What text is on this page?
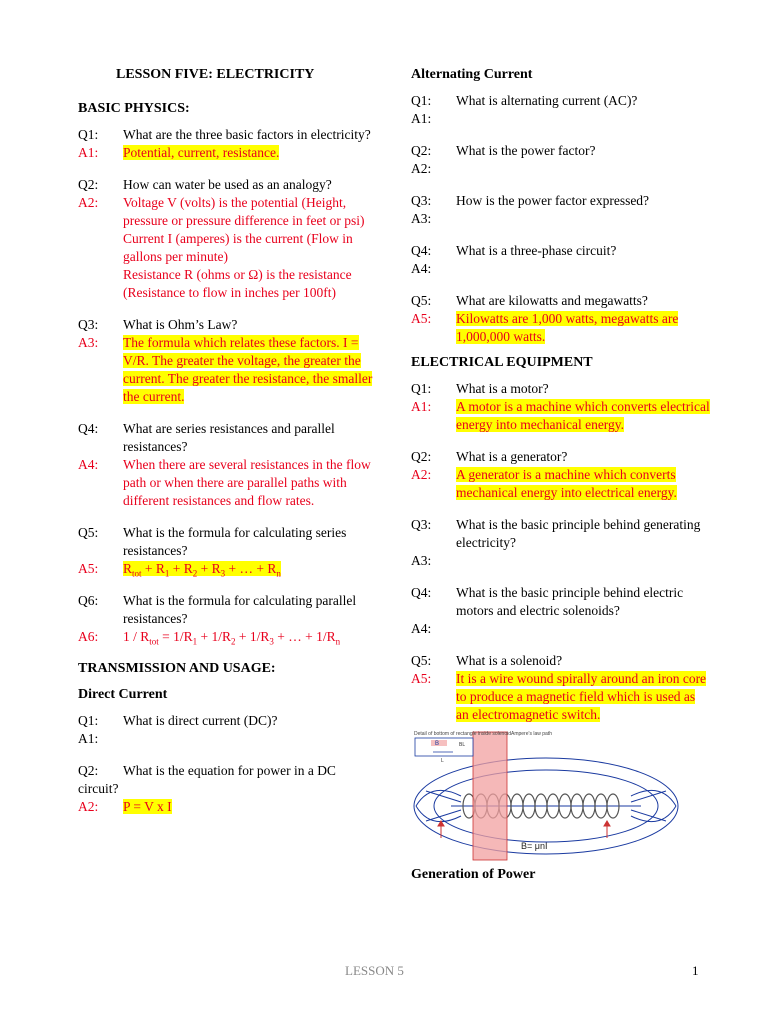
LESSON FIVE: ELECTRICITY
BASIC PHYSICS:
Q1:	What are the three basic factors in electricity?
A1:	Potential, current, resistance.
Q2:	How can water be used as an analogy?
A2:	Voltage V (volts) is the potential (Height, pressure or pressure difference in feet or psi)
Current I (amperes) is the current (Flow in gallons per minute)
Resistance R (ohms or Ω) is the resistance (Resistance to flow in inches per 100ft)
Q3:	What is Ohm’s Law?
A3:	The formula which relates these factors. I = V/R. The greater the voltage, the greater the current. The greater the resistance, the smaller the current.
Q4:	What are series resistances and parallel resistances?
A4:	When there are several resistances in the flow path or when there are parallel paths with different resistances and flow rates.
Q5:	What is the formula for calculating series resistances?
A5:	$R_{tot} + R_1 + R_2 + R_3$ + … + $R_n$
Q6:	What is the formula for calculating parallel resistances?
A6:	$1 / R_{tot} = 1/R_1 + 1/R_2 + 1/R_3$ + … + $1/R_n$
TRANSMISSION AND USAGE:
Direct Current
Q1:	What is direct current (DC)?
A1:
Q2: What is the equation for power in a DC circuit?
A2:	P = V x I
Alternating Current
Q1:	What is alternating current (AC)?
A1:
Q2:	What is the power factor?
A2:
Q3:	How is the power factor expressed?
A3:
Q4:	What is a three-phase circuit?
A4:
Q5:	What are kilowatts and megawatts?
A5:	Kilowatts are 1,000 watts, megawatts are 1,000,000 watts.
ELECTRICAL EQUIPMENT
Q1:	What is a motor?
A1:	A motor is a machine which converts electrical energy into mechanical energy.
Q2:	What is a generator?
A2:	A generator is a machine which converts mechanical energy into electrical energy.
Q3:	What is the basic principle behind generating electricity?
A3:
Q4:	What is the basic principle behind electric motors and electric solenoids?
A4:
Q5:	What is a solenoid?
A5:	It is a wire wound spirally around an iron core to produce a magnetic field which is used as an electromagnetic switch.
Detail of bottom of rectangle inside solenoid
B	BL
L
Ampere's law path
B= μnI
Generation of Power
LESSON 5	1
